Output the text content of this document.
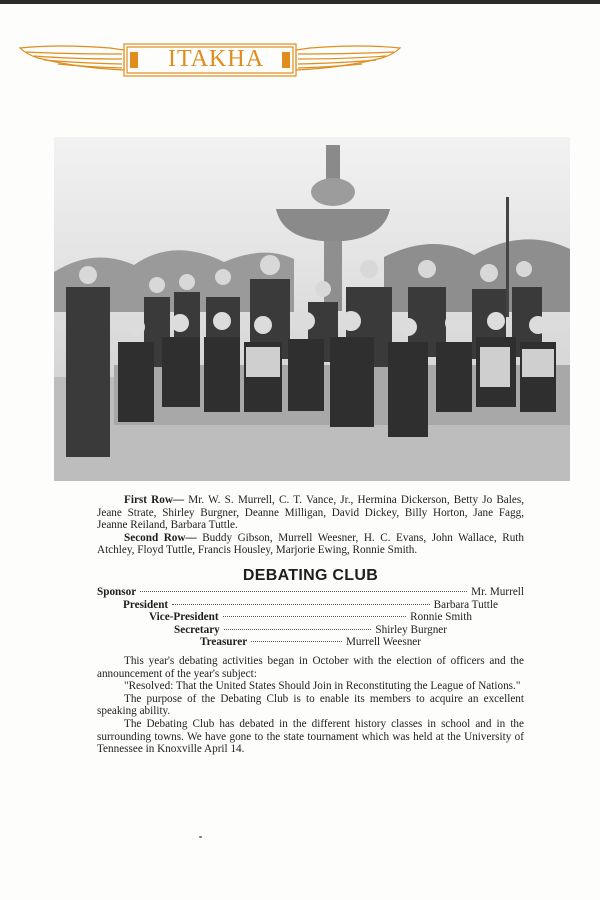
ITAKHA

First Row— Mr. W. S. Murrell, C. T. Vance, Jr., Hermina Dickerson, Betty Jo Bales, Jeane Strate, Shirley Burgner, Deanne Milligan, David Dickey, Billy Horton, Jane Fagg, Jeanne Reiland, Barbara Tuttle.

Second Row— Buddy Gibson, Murrell Weesner, H. C. Evans, John Wallace, Ruth Atchley, Floyd Tuttle, Francis Housley, Marjorie Ewing, Ronnie Smith.

DEBATING CLUB
Sponsor	Mr. Murrell
President	Barbara Tuttle
Vice-President	Ronnie Smith
Secretary	Shirley Burgner
Treasurer	Murrell Weesner

This year's debating activities began in October with the election of officers and the announcement of the year's subject:

"Resolved: That the United States Should Join in Reconstituting the League of Nations."

The purpose of the Debating Club is to enable its members to acquire an excellent speaking ability.

The Debating Club has debated in the different history classes in school and in the surrounding towns. We have gone to the state tournament which was held at the University of Tennessee in Knoxville April 14.
